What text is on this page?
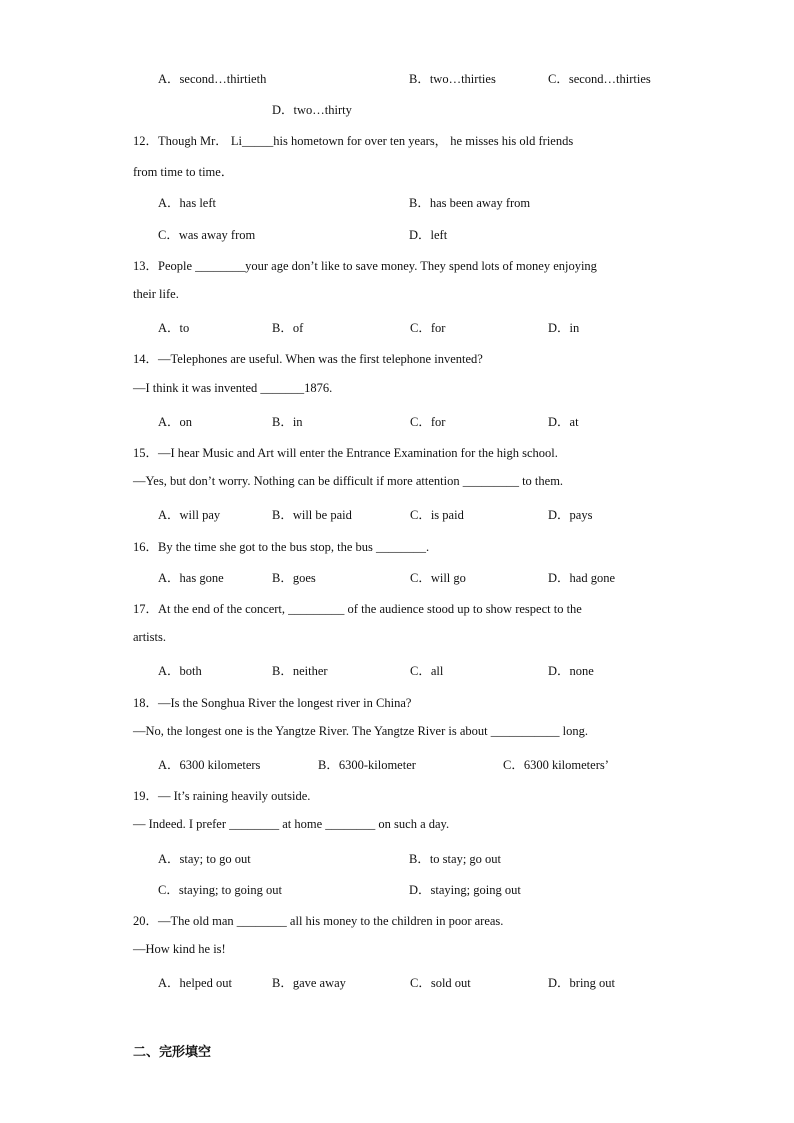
A．second…thirtieth	B．two…thirties	C．second…thirties
D．two…thirty
12．Though Mr． Li_____his hometown for over ten years， he misses his old friends
from time to time．
A．has left	B．has been away from
C．was away from	D．left
13．People ________your age don’t like to save money. They spend lots of money enjoying
their life.
A．to	B．of	C．for	D．in
14．—Telephones are useful. When was the first telephone invented?
—I think it was invented _______1876.
A．on	B．in	C．for	D．at
15．—I hear Music and Art will enter the Entrance Examination for the high school.
—Yes, but don’t worry. Nothing can be difficult if more attention _________ to them.
A．will pay	B．will be paid	C．is paid	D．pays
16．By the time she got to the bus stop, the bus ________.
A．has gone	B．goes	C．will go	D．had gone
17．At the end of the concert, _________ of the audience stood up to show respect to the
artists.
A．both	B．neither	C．all	D．none
18．—Is the Songhua River the longest river in China?
—No, the longest one is the Yangtze River. The Yangtze River is about ___________ long.
A．6300 kilometers	B．6300-kilometer	C．6300 kilometers’
19．— It’s raining heavily outside.
— Indeed. I prefer ________ at home ________ on such a day.
A．stay; to go out	B．to stay; go out
C．staying; to going out	D．staying; going out
20．—The old man ________ all his money to the children in poor areas.
—How kind he is!
A．helped out	B．gave away	C．sold out	D．bring out
二、完形填空
